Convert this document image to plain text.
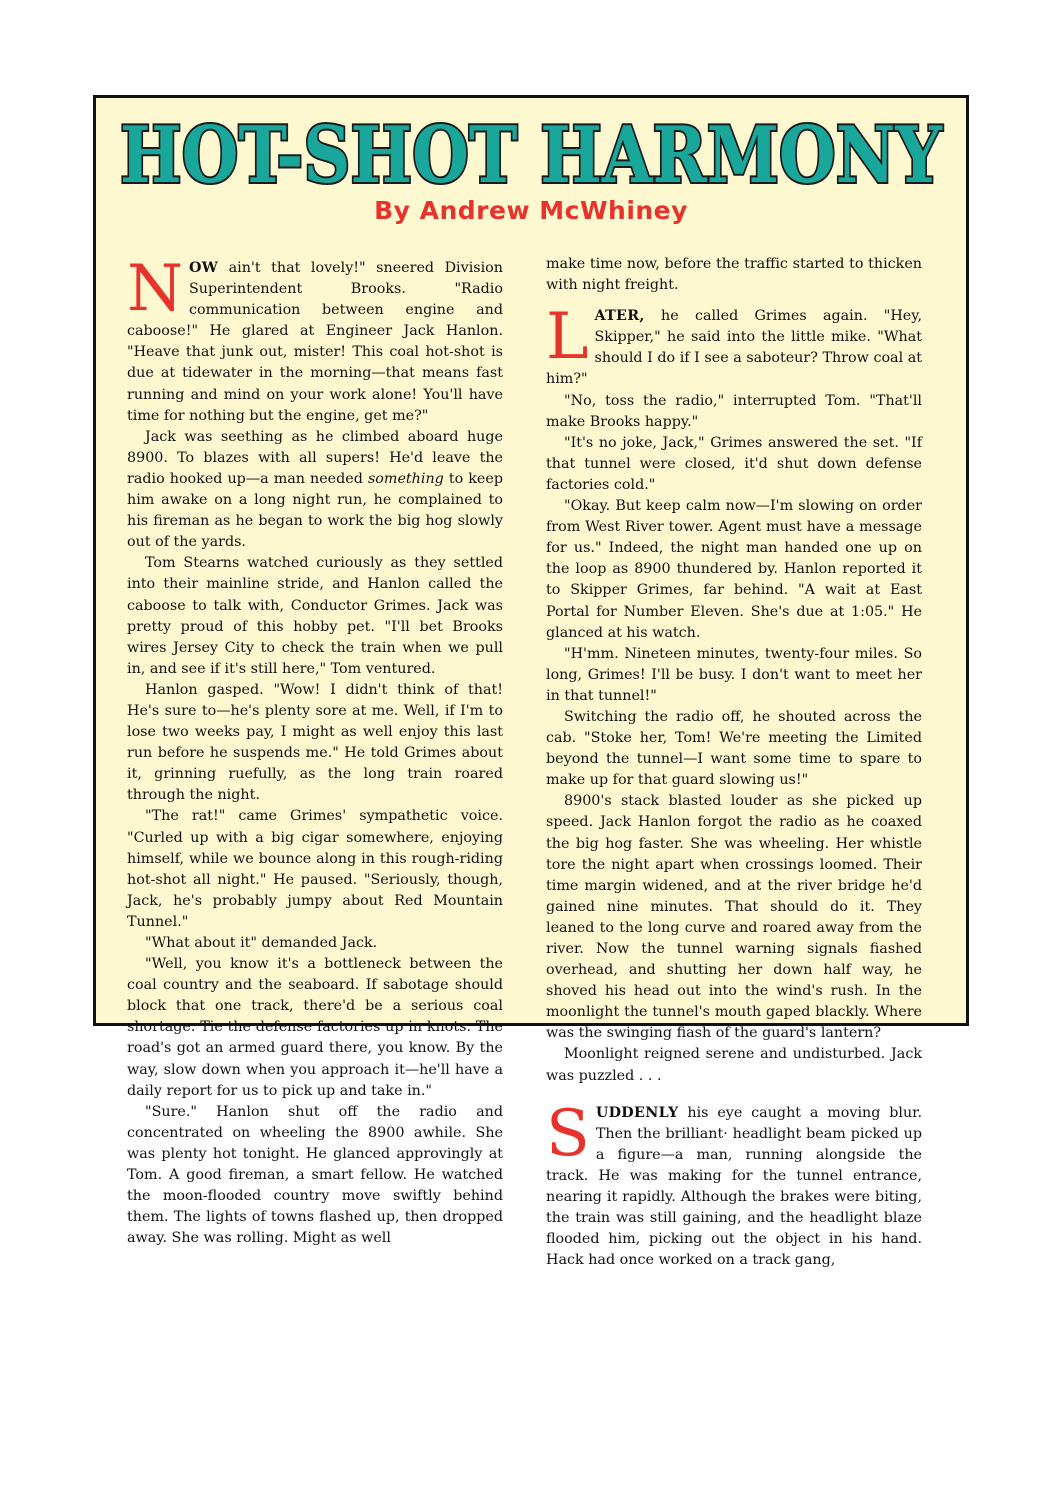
HOT-SHOT HARMONY
By Andrew McWhiney

NOW ain't that lovely!" sneered Division Superintendent Brooks. "Radio communication between engine and caboose!" He glared at Engineer Jack Hanlon. "Heave that junk out, mister! This coal hot-shot is due at tidewater in the morning—that means fast running and mind on your work alone! You'll have time for nothing but the engine, get me?"

Jack was seething as he climbed aboard huge 8900. To blazes with all supers! He'd leave the radio hooked up—a man needed something to keep him awake on a long night run, he complained to his fireman as he began to work the big hog slowly out of the yards.

Tom Stearns watched curiously as they settled into their mainline stride, and Hanlon called the caboose to talk with, Conductor Grimes. Jack was pretty proud of this hobby pet. "I'll bet Brooks wires Jersey City to check the train when we pull in, and see if it's still here," Tom ventured.

Hanlon gasped. "Wow! I didn't think of that! He's sure to—he's plenty sore at me. Well, if I'm to lose two weeks pay, I might as well enjoy this last run before he suspends me." He told Grimes about it, grinning ruefully, as the long train roared through the night.

"The rat!" came Grimes' sympathetic voice. "Curled up with a big cigar somewhere, enjoying himself, while we bounce along in this rough-riding hot-shot all night." He paused. "Seriously, though, Jack, he's probably jumpy about Red Mountain Tunnel."

"What about it" demanded Jack.

"Well, you know it's a bottleneck between the coal country and the seaboard. If sabotage should block that one track, there'd be a serious coal shortage. Tie the defense factories up in knots. The road's got an armed guard there, you know. By the way, slow down when you approach it—he'll have a daily report for us to pick up and take in."

"Sure." Hanlon shut off the radio and concentrated on wheeling the 8900 awhile. She was plenty hot tonight. He glanced approvingly at Tom. A good fireman, a smart fellow. He watched the moon-flooded country move swiftly behind them. The lights of towns flashed up, then dropped away. She was rolling. Might as well

make time now, before the traffic started to thicken with night freight.

LATER, he called Grimes again. "Hey, Skipper," he said into the little mike. "What should I do if I see a saboteur? Throw coal at him?"

"No, toss the radio," interrupted Tom. "That'll make Brooks happy."

"It's no joke, Jack," Grimes answered the set. "If that tunnel were closed, it'd shut down defense factories cold."

"Okay. But keep calm now—I'm slowing on order from West River tower. Agent must have a message for us." Indeed, the night man handed one up on the loop as 8900 thundered by. Hanlon reported it to Skipper Grimes, far behind. "A wait at East Portal for Number Eleven. She's due at 1:05." He glanced at his watch.

"H'mm. Nineteen minutes, twenty-four miles. So long, Grimes! I'll be busy. I don't want to meet her in that tunnel!"

Switching the radio off, he shouted across the cab. "Stoke her, Tom! We're meeting the Limited beyond the tunnel—I want some time to spare to make up for that guard slowing us!"

8900's stack blasted louder as she picked up speed. Jack Hanlon forgot the radio as he coaxed the big hog faster. She was wheeling. Her whistle tore the night apart when crossings loomed. Their time margin widened, and at the river bridge he'd gained nine minutes. That should do it. They leaned to the long curve and roared away from the river. Now the tunnel warning signals fiashed overhead, and shutting her down half way, he shoved his head out into the wind's rush. In the moonlight the tunnel's mouth gaped blackly. Where was the swinging fiash of the guard's lantern?

Moonlight reigned serene and undisturbed. Jack was puzzled . . .

SUDDENLY his eye caught a moving blur. Then the brilliant· headlight beam picked up a figure—a man, running alongside the track. He was making for the tunnel entrance, nearing it rapidly. Although the brakes were biting, the train was still gaining, and the headlight blaze flooded him, picking out the object in his hand. Hack had once worked on a track gang,
